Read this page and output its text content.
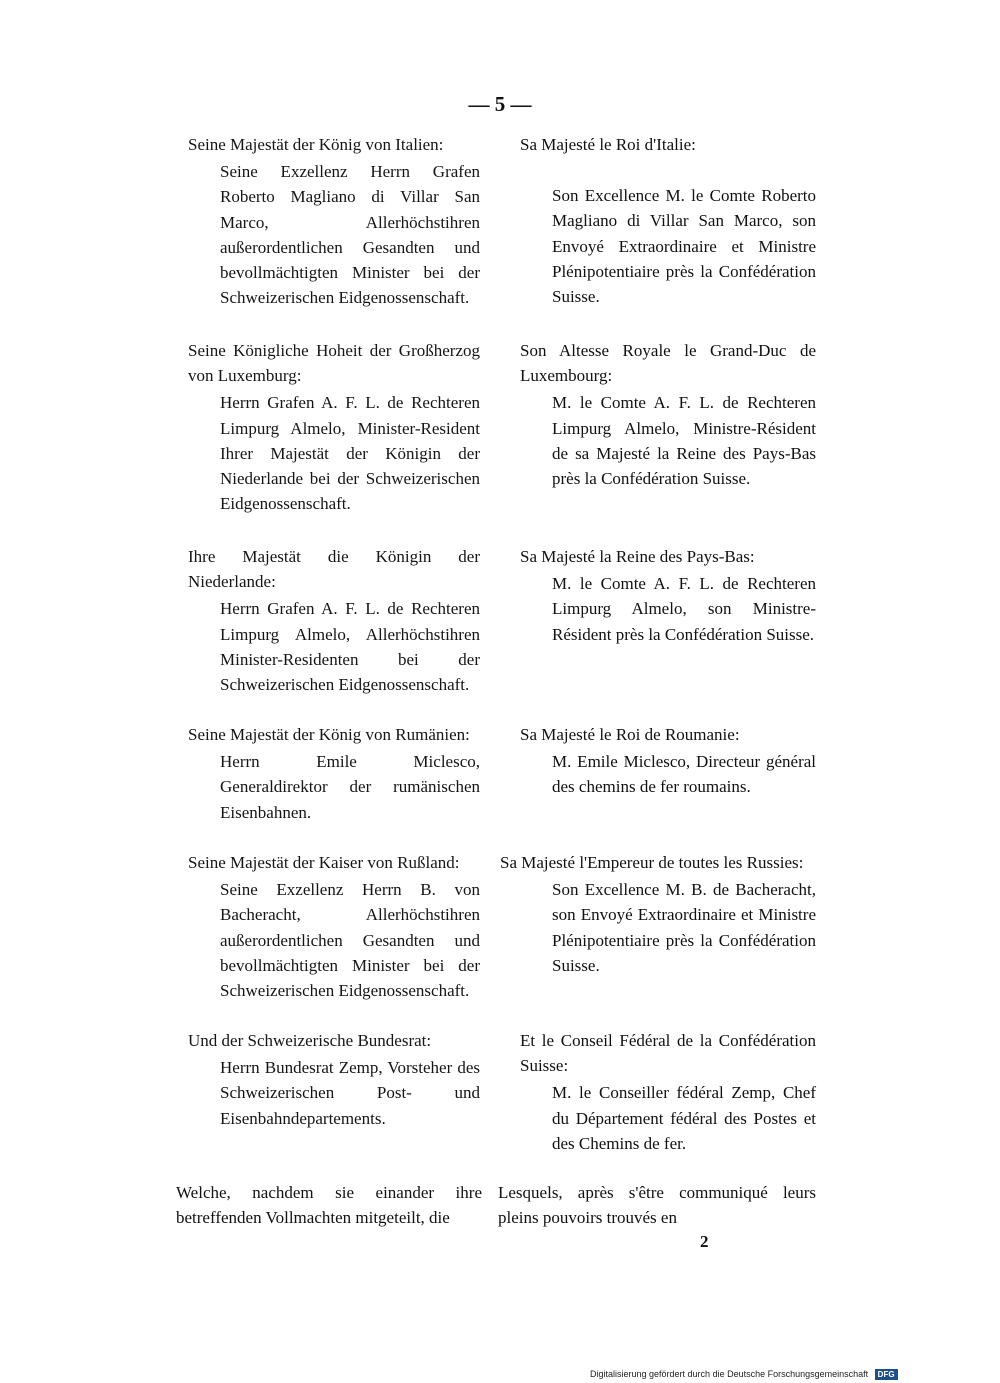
— 5 —

Seine Majestät der König von Italien:

Seine Exzellenz Herrn Grafen Roberto Magliano di Villar San Marco, Allerhöchstihren außerordentlichen Gesandten und bevollmächtigten Minister bei der Schweizerischen Eidgenossenschaft.

Seine Königliche Hoheit der Großherzog von Luxemburg:

Herrn Grafen A. F. L. de Rechteren Limpurg Almelo, Minister-Resident Ihrer Majestät der Königin der Niederlande bei der Schweizerischen Eidgenossenschaft.

Ihre Majestät die Königin der Niederlande:

Herrn Grafen A. F. L. de Rechteren Limpurg Almelo, Allerhöchstihren Minister-Residenten bei der Schweizerischen Eidgenossenschaft.

Seine Majestät der König von Rumänien:

Herrn Emile Miclesco, Generaldirektor der rumänischen Eisenbahnen.

Seine Majestät der Kaiser von Rußland:

Seine Exzellenz Herrn B. von Bacheracht, Allerhöchstihren außerordentlichen Gesandten und bevollmächtigten Minister bei der Schweizerischen Eidgenossenschaft.

Und der Schweizerische Bundesrat:

Herrn Bundesrat Zemp, Vorsteher des Schweizerischen Post- und Eisenbahndepartements.

Welche, nachdem sie einander ihre betreffenden Vollmachten mitgeteilt, die

Sa Majesté le Roi d'Italie:

Son Excellence M. le Comte Roberto Magliano di Villar San Marco, son Envoyé Extraordinaire et Ministre Plénipotentiaire près la Confédération Suisse.

Son Altesse Royale le Grand-Duc de Luxembourg:

M. le Comte A. F. L. de Rechteren Limpurg Almelo, Ministre-Résident de sa Majesté la Reine des Pays-Bas près la Confédération Suisse.

Sa Majesté la Reine des Pays-Bas:

M. le Comte A. F. L. de Rechteren Limpurg Almelo, son Ministre-Résident près la Confédération Suisse.

Sa Majesté le Roi de Roumanie:

M. Emile Miclesco, Directeur général des chemins de fer roumains.

Sa Majesté l'Empereur de toutes les Russies:

Son Excellence M. B. de Bacheracht, son Envoyé Extraordinaire et Ministre Plénipotentiaire près la Confédération Suisse.

Et le Conseil Fédéral de la Confédération Suisse:

M. le Conseiller fédéral Zemp, Chef du Département fédéral des Postes et des Chemins de fer.

Lesquels, après s'être communiqué leurs pleins pouvoirs trouvés en

2
Digitalisierung gefördert durch die Deutsche Forschungsgemeinschaft DFG
